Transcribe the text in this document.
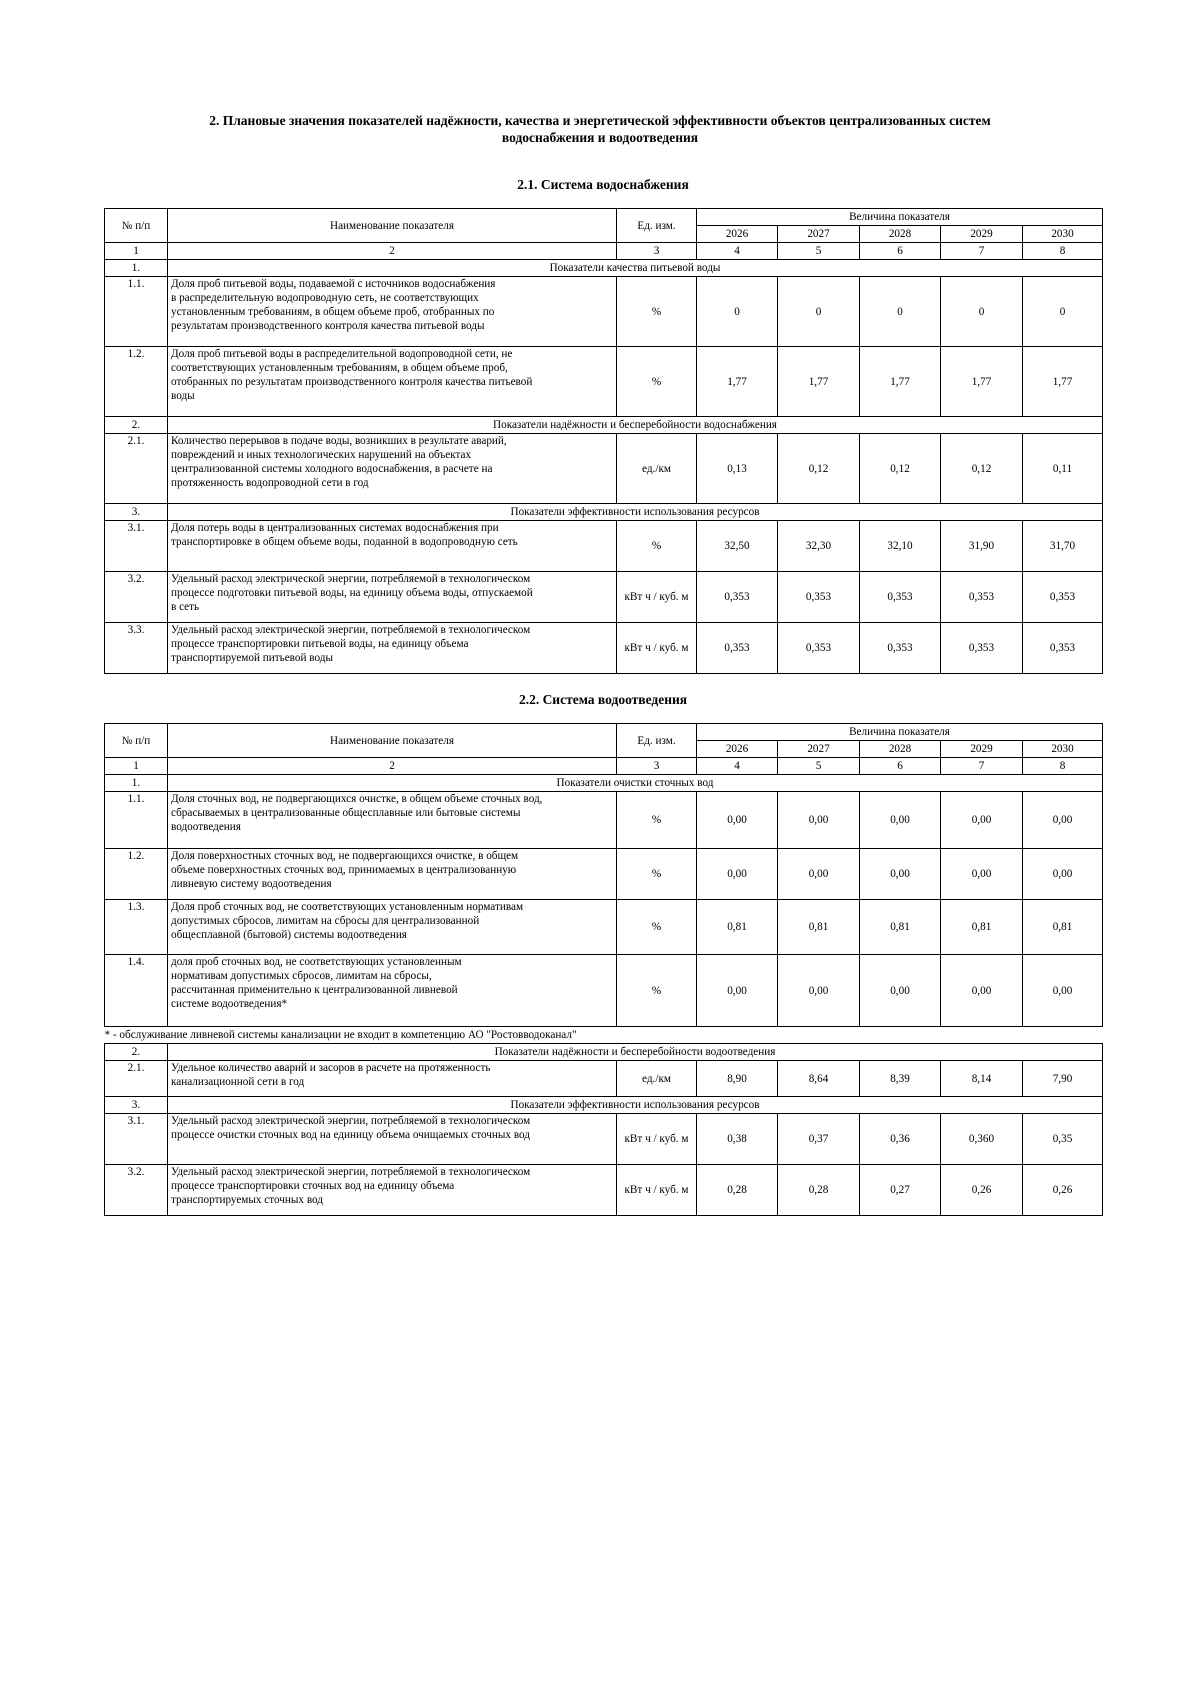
2. Плановые значения показателей надёжности, качества и энергетической эффективности объектов централизованных систем
водоснабжения и водоотведения
2.1. Система водоснабжения
№ п/п	Наименование показателя	Ед. изм.	Величина показателя				
			2026	2027	2028	2029	2030
1	2	3	4	5	6	7	8
1.	Показатели качества питьевой воды						
1.1.	Доля проб питьевой воды, подаваемой с источников водоснабжения
в распределительную водопроводную сеть, не соответствующих
установленным требованиям, в общем объеме проб, отобранных по
результатам производственного контроля качества питьевой воды	%	0	0	0	0	0
1.2.	Доля проб питьевой воды в распределительной водопроводной сети, не
соответствующих установленным требованиям, в общем объеме проб,
отобранных по результатам производственного контроля качества питьевой
воды	%	1,77	1,77	1,77	1,77	1,77
2.	Показатели надёжности и бесперебойности водоснабжения						
2.1.	Количество перерывов в подаче воды, возникших в результате аварий,
повреждений и иных технологических нарушений на объектах
централизованной системы холодного водоснабжения, в расчете на
протяженность водопроводной сети в год	ед./км	0,13	0,12	0,12	0,12	0,11
3.	Показатели эффективности использования ресурсов						
3.1.	Доля потерь воды в централизованных системах водоснабжения при
транспортировке в общем объеме воды, поданной в водопроводную сеть	%	32,50	32,30	32,10	31,90	31,70
3.2.	Удельный расход электрической энергии, потребляемой в технологическом
процессе подготовки питьевой воды, на единицу объема воды, отпускаемой
в сеть	кВт ч / куб. м	0,353	0,353	0,353	0,353	0,353
3.3.	Удельный расход электрической энергии, потребляемой в технологическом
процессе транспортировки питьевой воды, на единицу объема
транспортируемой питьевой воды	кВт ч / куб. м	0,353	0,353	0,353	0,353	0,353
2.2. Система водоотведения
№ п/п	Наименование показателя	Ед. изм.	Величина показателя				
			2026	2027	2028	2029	2030
1	2	3	4	5	6	7	8
1.	Показатели очистки сточных вод						
1.1.	Доля сточных вод, не подвергающихся очистке, в общем объеме сточных вод,
сбрасываемых в централизованные общесплавные или бытовые системы
водоотведения	%	0,00	0,00	0,00	0,00	0,00
1.2.	Доля поверхностных сточных вод, не подвергающихся очистке, в общем
объеме поверхностных сточных вод, принимаемых в централизованную
ливневую систему водоотведения	%	0,00	0,00	0,00	0,00	0,00
1.3.	Доля проб сточных вод, не соответствующих установленным нормативам
допустимых сбросов, лимитам на сбросы для централизованной
общесплавной (бытовой) системы водоотведения	%	0,81	0,81	0,81	0,81	0,81
1.4.	доля проб сточных вод, не соответствующих установленным
нормативам допустимых сбросов, лимитам на сбросы,
рассчитанная применительно к централизованной ливневой
системе водоотведения*	%	0,00	0,00	0,00	0,00	0,00
* - обслуживание ливневой системы канализации не входит в компетенцию АО "Ростовводоканал"							
2.	Показатели надёжности и бесперебойности водоотведения						
2.1.	Удельное количество аварий и засоров в расчете на протяженность
канализационной сети в год	ед./км	8,90	8,64	8,39	8,14	7,90
3.	Показатели эффективности использования ресурсов						
3.1.	Удельный расход электрической энергии, потребляемой в технологическом
процессе очистки сточных вод на единицу объема очищаемых сточных вод	кВт ч / куб. м	0,38	0,37	0,36	0,360	0,35
3.2.	Удельный расход электрической энергии, потребляемой в технологическом
процессе транспортировки сточных вод на единицу объема
транспортируемых сточных вод	кВт ч / куб. м	0,28	0,28	0,27	0,26	0,26
